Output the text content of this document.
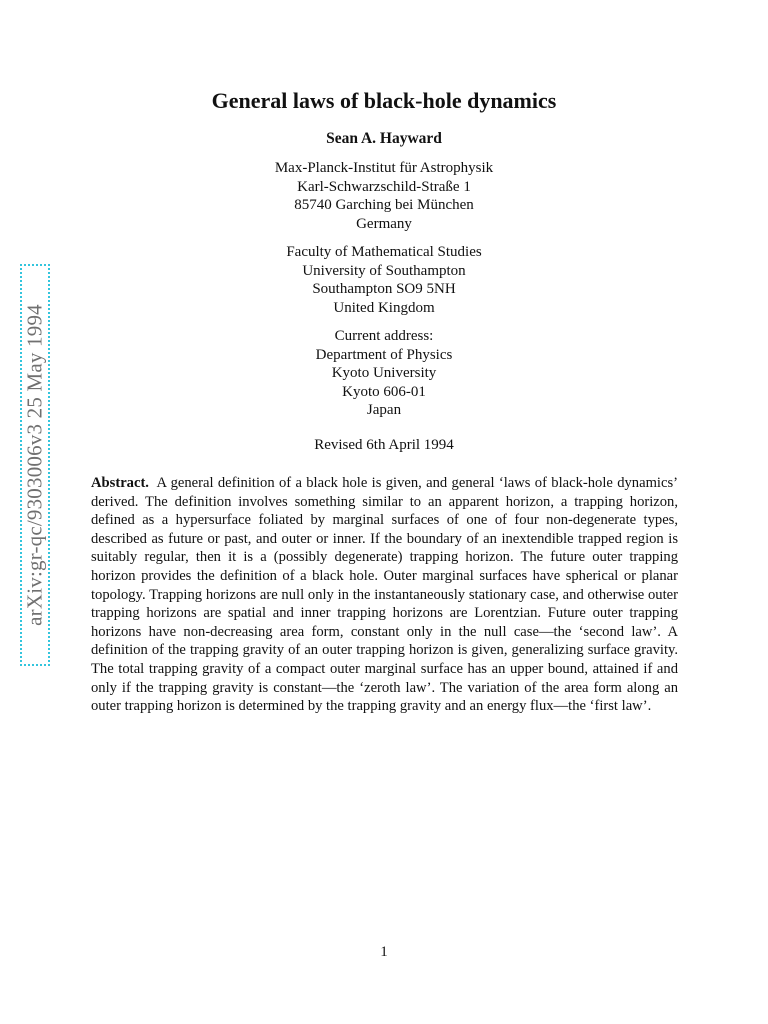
arXiv:gr-qc/9303006v3 25 May 1994
General laws of black-hole dynamics
Sean A. Hayward
Max-Planck-Institut für Astrophysik
Karl-Schwarzschild-Straße 1
85740 Garching bei München
Germany
Faculty of Mathematical Studies
University of Southampton
Southampton SO9 5NH
United Kingdom
Current address:
Department of Physics
Kyoto University
Kyoto 606-01
Japan
Revised 6th April 1994

Abstract. A general definition of a black hole is given, and general ‘laws of black-hole dynamics’ derived. The definition involves something similar to an apparent horizon, a trapping horizon, defined as a hypersurface foliated by marginal surfaces of one of four non-degenerate types, described as future or past, and outer or inner. If the boundary of an inextendible trapped region is suitably regular, then it is a (possibly degenerate) trapping horizon. The future outer trapping horizon provides the definition of a black hole. Outer marginal surfaces have spherical or planar topology. Trapping horizons are null only in the instantaneously stationary case, and otherwise outer trapping horizons are spatial and inner trapping horizons are Lorentzian. Future outer trapping horizons have non-decreasing area form, constant only in the null case—the ‘second law’. A definition of the trapping gravity of an outer trapping horizon is given, generalizing surface gravity. The total trapping gravity of a compact outer marginal surface has an upper bound, attained if and only if the trapping gravity is constant—the ‘zeroth law’. The variation of the area form along an outer trapping horizon is determined by the trapping gravity and an energy flux—the ‘first law’.

1
